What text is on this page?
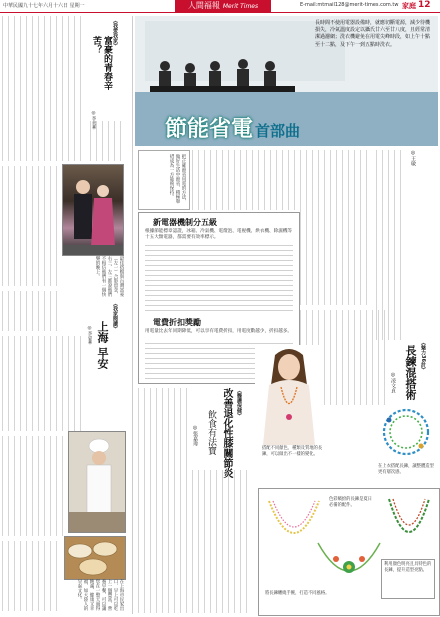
中華民國九十七年六月十六日 星期一	人間福報 Merit Times	E-mail:mtmail128@merit-times.com.tw 家庭 12
《我愛我家》
富豪的青春辛苦？
◎李美華
最佳搭檔與台灣富豪（左一）合影留念，右三、左三都說他們不相信他們有一個快樂的晚上。
《我家閱讀》
上海 早安
◎李姿華
在上海市民家出口，早上可以吃上一個豐富、營養早餐，可以讓您在一整天過得飽滿、健康又幸福，如大陸人的早起文化。
長時間不使用電器設備時，就應切斷電源，減少待機損失，冷氣溫度設定以攝氏廿六至廿八度，且經常清潔過濾網；洗衣機避免在用電尖峰時段，如上午十點至十二點，及下午一到五點時洗衣。
節能省電 首部曲
把正確節省用電的方法，做好生活中節省，積極舉措成為一方能夠保持。	◎王敏
新電器機制分五級
根據節能標章認證，冰箱、冷氣機、電燈泡、電視機、烘衣機、除濕機等十五大類電器，都需要有效率標示。
電費折扣獎勵
用電量比去年同期降低，可以享有電費折扣，用電度數越少，折扣越多。
《醫護保健》
改善退化性膝關節炎
飲食有法寶
◎張嘉瑋
《魅力36計》
長鍊混搭術
◎凌文貞
搭配不同顏色、種類及質地的長鍊，可以做出不一樣的變化。
在上衣搭配長鍊，讓整體造型更有層次感。
色彩繽紛的長鍊是夏日必備的配件。
利用顏色明亮且具特色的長鍊，提升造型亮點。
將長鍊纏繞手腕，打造不同風格。
